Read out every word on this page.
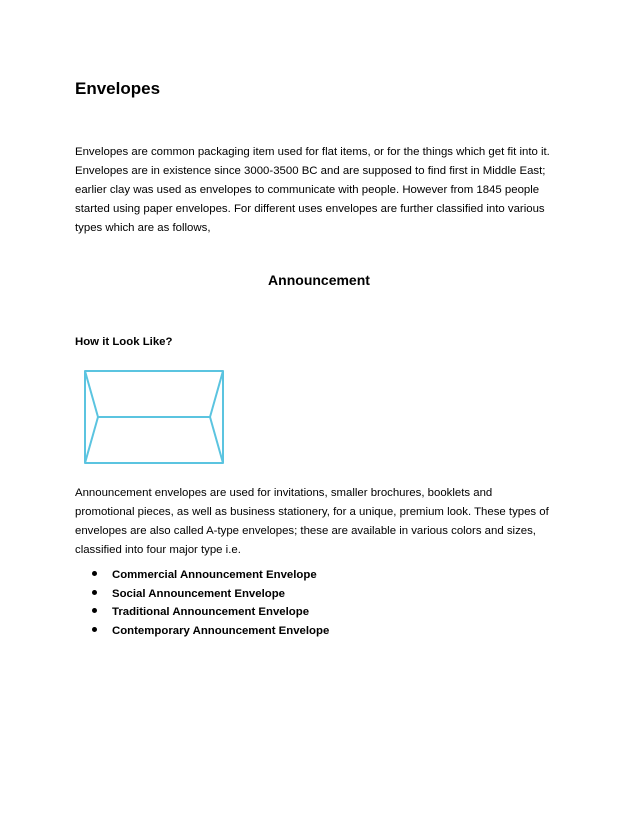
Envelopes

Envelopes are common packaging item used for flat items, or for the things which get fit into it.
Envelopes are in existence since 3000-3500 BC and are supposed to find first in Middle East;
earlier clay was used as envelopes to communicate with people. However from 1845 people
started using paper envelopes. For different uses envelopes are further classified into various
types which are as follows,

Announcement
How it Look Like?

Announcement envelopes are used for invitations, smaller brochures, booklets and
promotional pieces, as well as business stationery, for a unique, premium look. These types of
envelopes are also called A-type envelopes; these are available in various colors and sizes,
classified into four major type i.e.

Commercial Announcement Envelope
Social Announcement Envelope
Traditional Announcement Envelope
Contemporary Announcement Envelope
